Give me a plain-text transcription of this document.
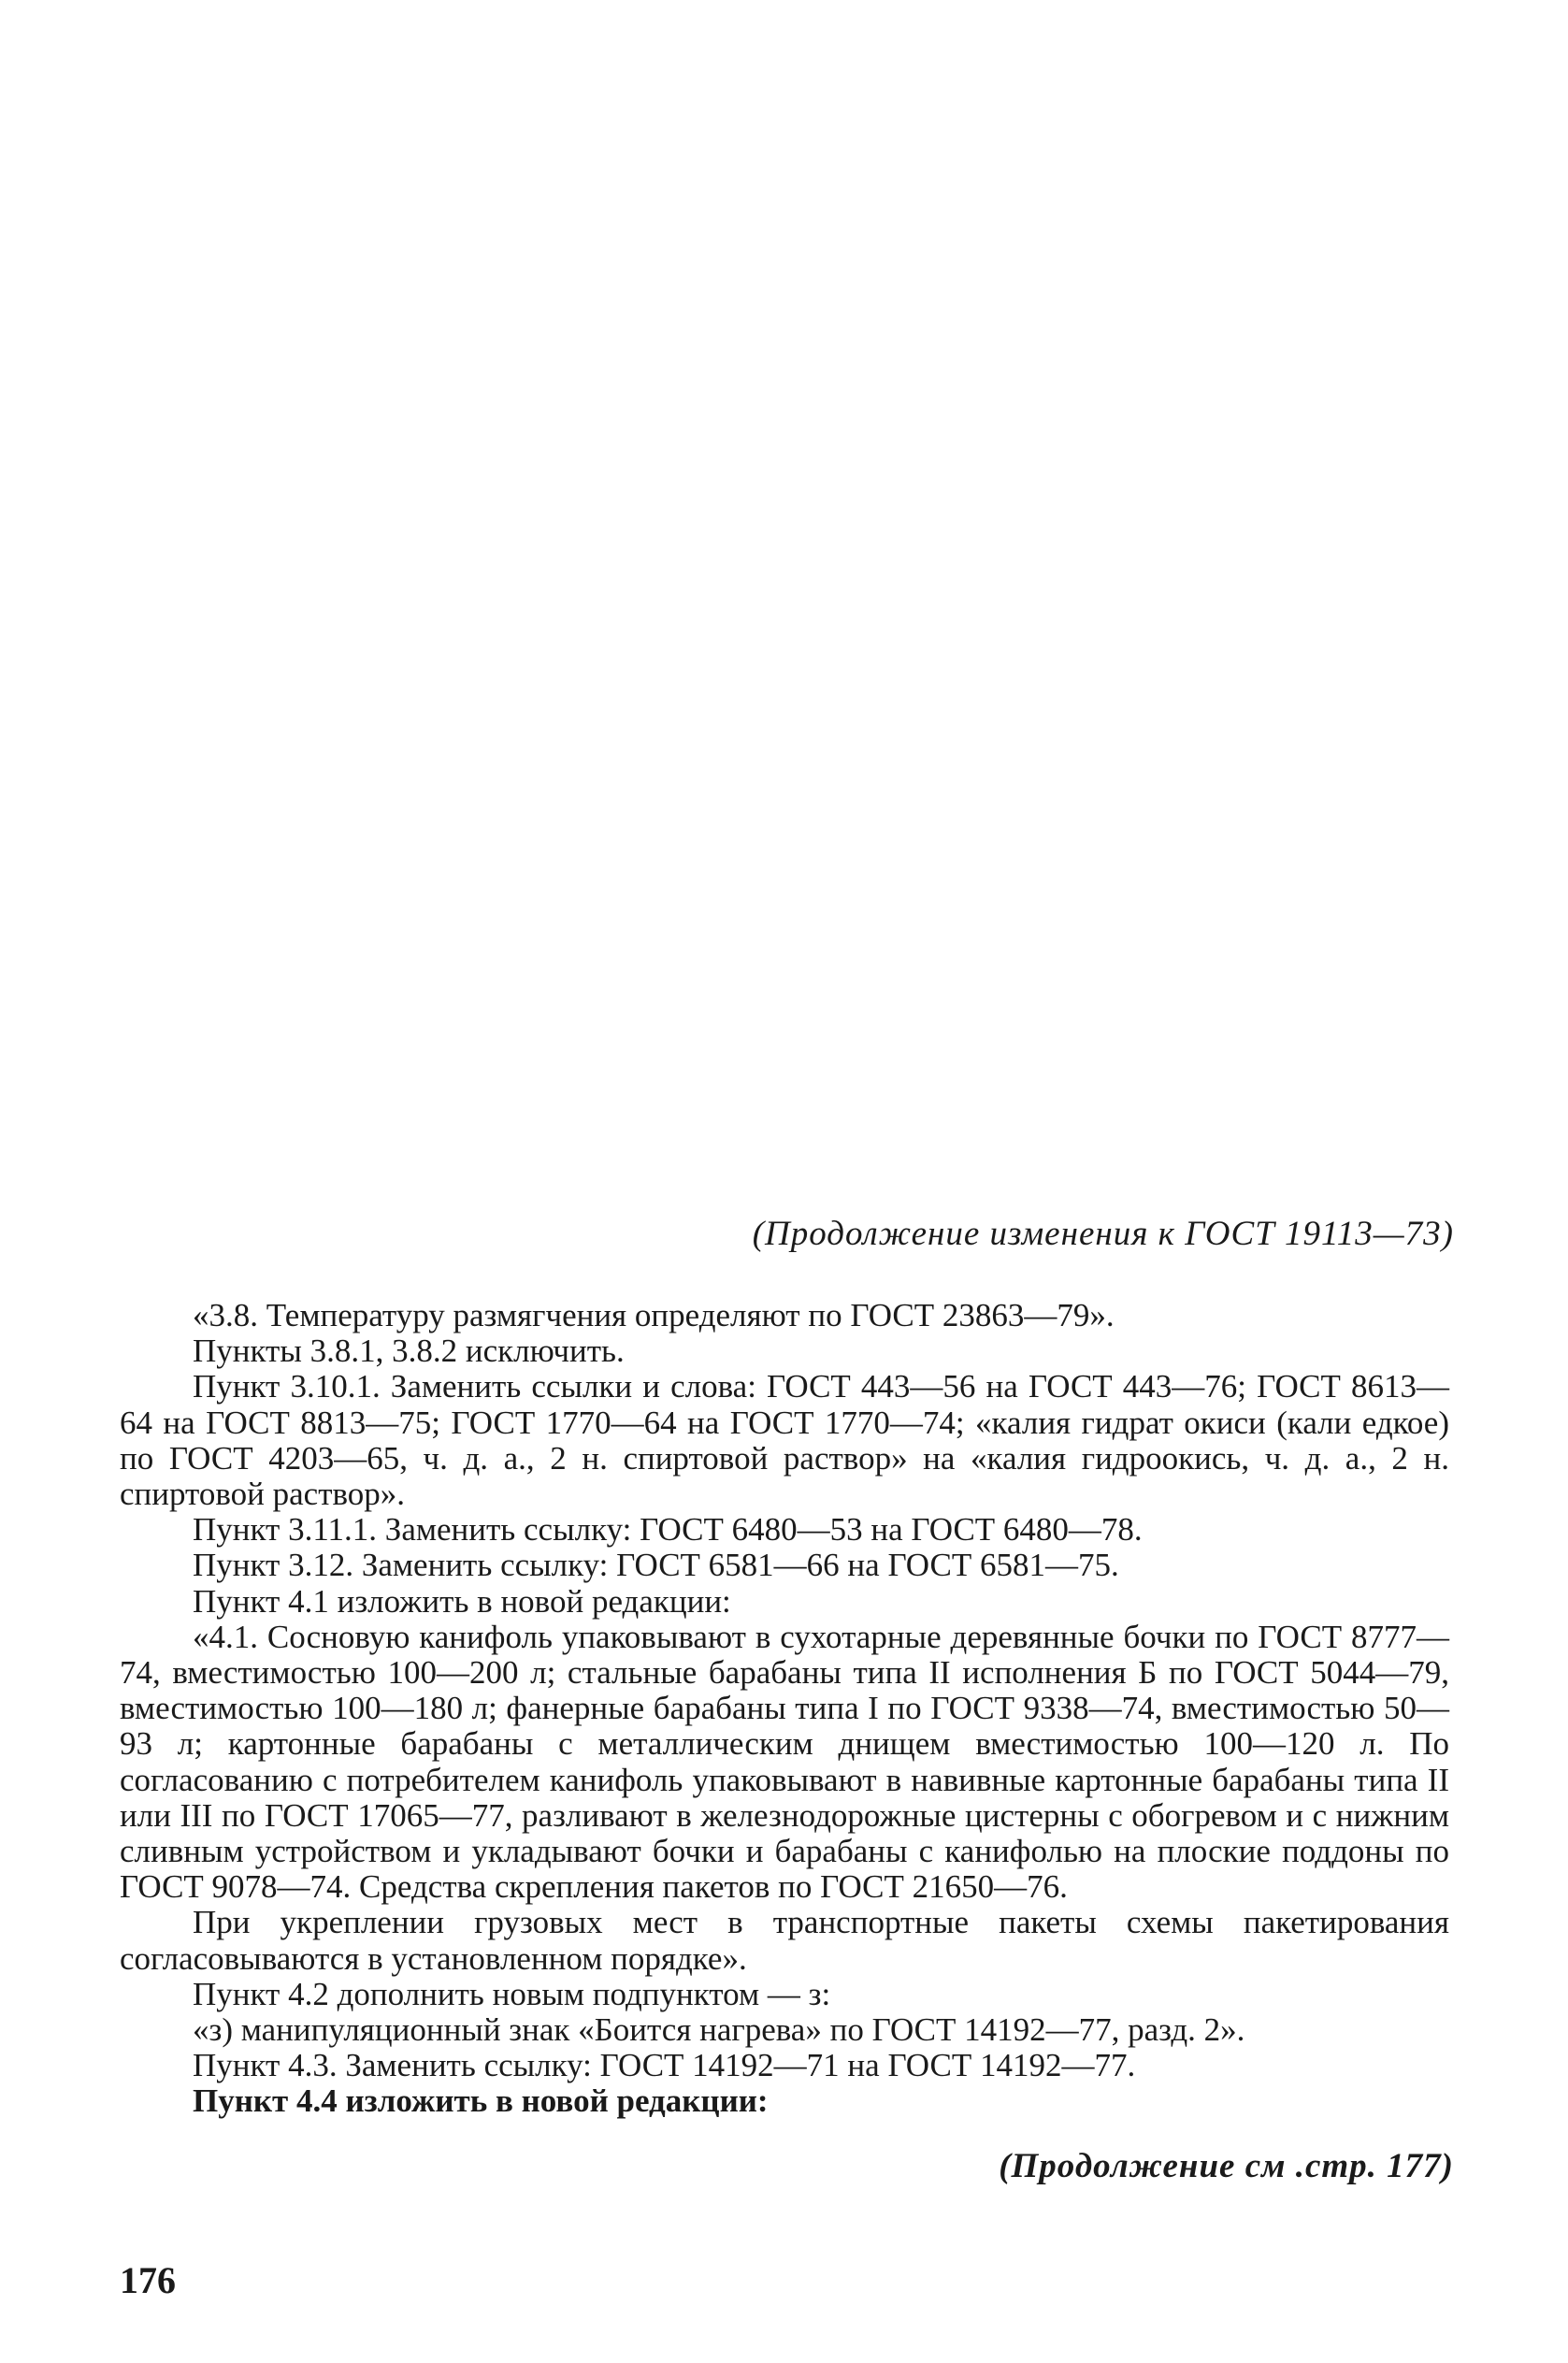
(Продолжение изменения к ГОСТ 19113—73)

«3.8. Температуру размягчения определяют по ГОСТ 23863—79».

Пункты 3.8.1, 3.8.2 исключить.

Пункт 3.10.1. Заменить ссылки и слова: ГОСТ 443—56 на ГОСТ 443—76; ГОСТ 8613—64 на ГОСТ 8813—75; ГОСТ 1770—64 на ГОСТ 1770—74; «калия гидрат окиси (кали едкое) по ГОСТ 4203—65, ч. д. а., 2 н. спиртовой раствор» на «калия гидроокись, ч. д. а., 2 н. спиртовой раствор».

Пункт 3.11.1. Заменить ссылку: ГОСТ 6480—53 на ГОСТ 6480—78.

Пункт 3.12. Заменить ссылку: ГОСТ 6581—66 на ГОСТ 6581—75.

Пункт 4.1 изложить в новой редакции:

«4.1. Сосновую канифоль упаковывают в сухотарные деревянные бочки по ГОСТ 8777—74, вместимостью 100—200 л; стальные барабаны типа II исполнения Б по ГОСТ 5044—79, вместимостью 100—180 л; фанерные барабаны типа I по ГОСТ 9338—74, вместимостью 50—93 л; картонные барабаны с металлическим днищем вместимостью 100—120 л. По согласованию с потребителем канифоль упаковывают в навивные картонные барабаны типа II или III по ГОСТ 17065—77, разливают в железнодорожные цистерны с обогревом и с нижним сливным устройством и укладывают бочки и барабаны с канифолью на плоские поддоны по ГОСТ 9078—74. Средства скрепления пакетов по ГОСТ 21650—76.

При укреплении грузовых мест в транспортные пакеты схемы пакетирования согласовываются в установленном порядке».

Пункт 4.2 дополнить новым подпунктом — з:

«з) манипуляционный знак «Боится нагрева» по ГОСТ 14192—77, разд. 2».

Пункт 4.3. Заменить ссылку: ГОСТ 14192—71 на ГОСТ 14192—77.

Пункт 4.4 изложить в новой редакции:

(Продолжение см .стр. 177)
176
